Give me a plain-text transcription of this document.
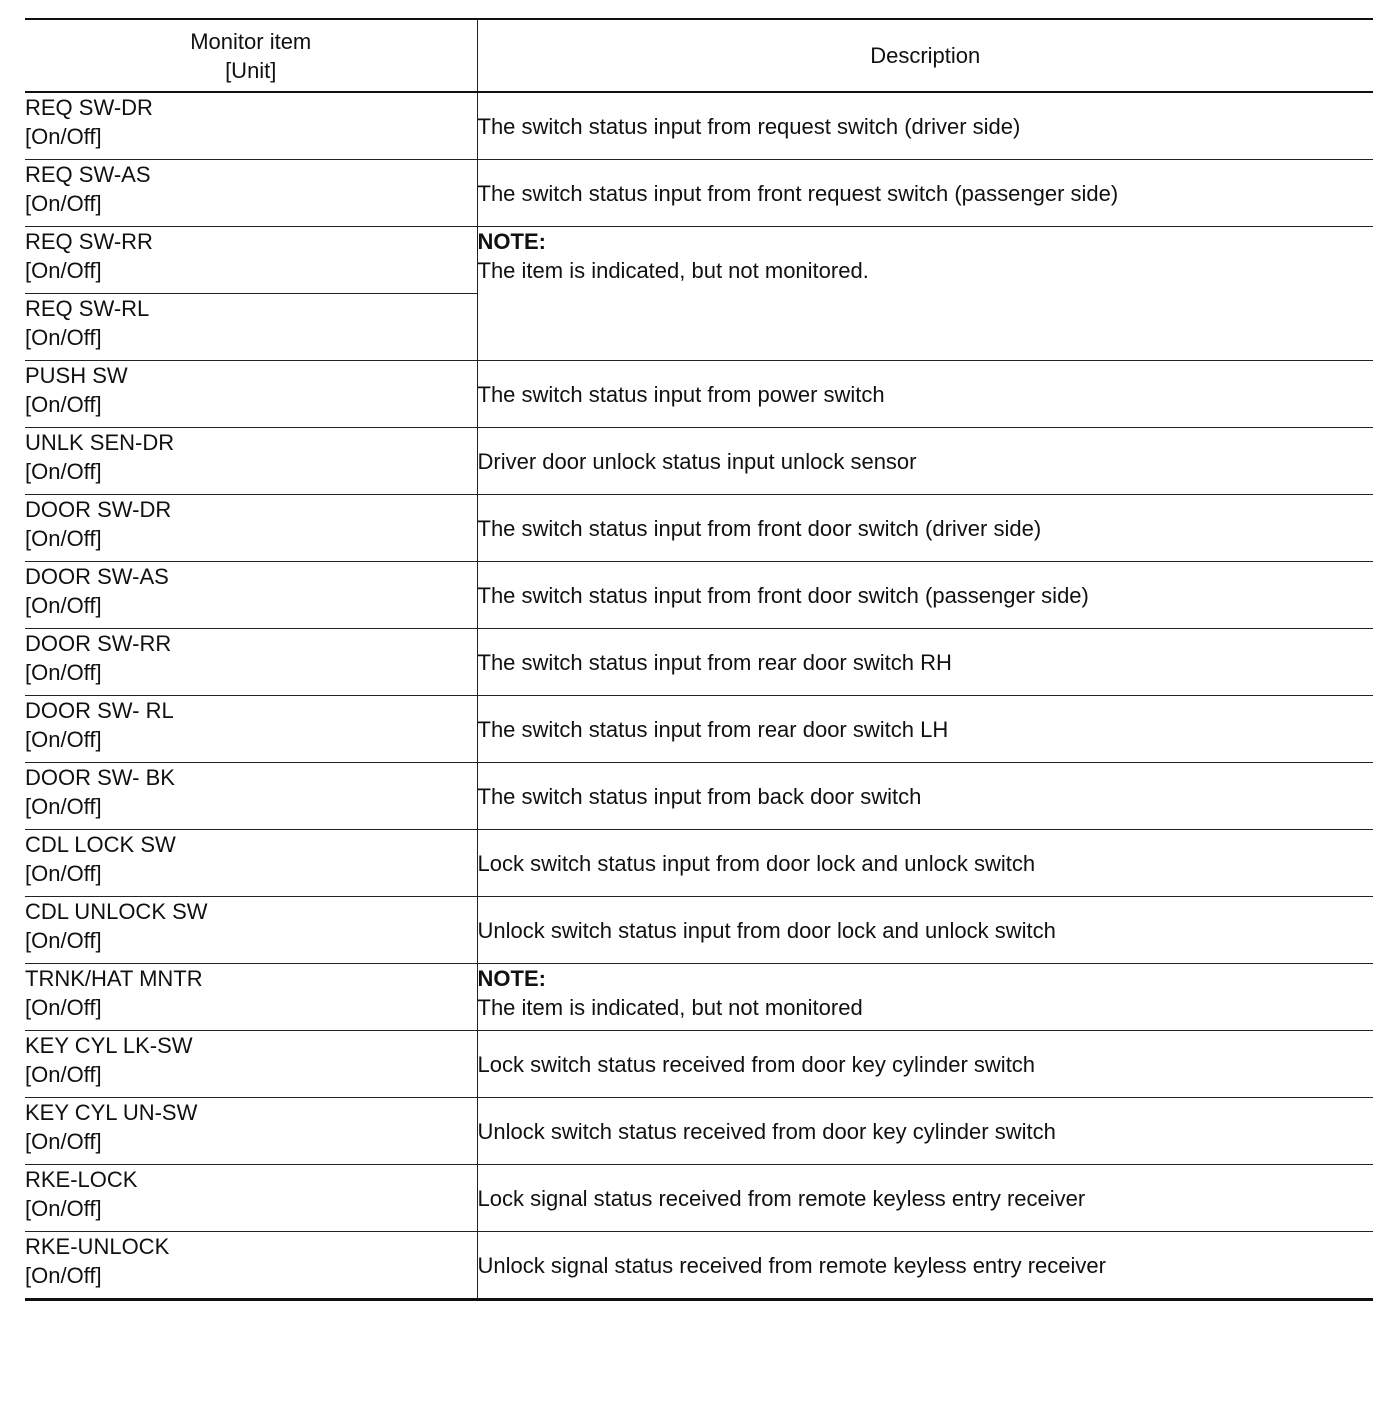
Monitor item
[Unit]	Description

REQ SW-DR
[On/Off]	The switch status input from request switch (driver side)

REQ SW-AS
[On/Off]	The switch status input from front request switch (passenger side)

REQ SW-RR
[On/Off]	NOTE:
The item is indicated, but not monitored.

REQ SW-RL
[On/Off]	

PUSH SW
[On/Off]	The switch status input from power switch

UNLK SEN-DR
[On/Off]	Driver door unlock status input unlock sensor

DOOR SW-DR
[On/Off]	The switch status input from front door switch (driver side)

DOOR SW-AS
[On/Off]	The switch status input from front door switch (passenger side)

DOOR SW-RR
[On/Off]	The switch status input from rear door switch RH

DOOR SW- RL
[On/Off]	The switch status input from rear door switch LH

DOOR SW- BK
[On/Off]	The switch status input from back door switch

CDL LOCK SW
[On/Off]	Lock switch status input from door lock and unlock switch

CDL UNLOCK SW
[On/Off]	Unlock switch status input from door lock and unlock switch

TRNK/HAT MNTR
[On/Off]	NOTE:
The item is indicated, but not monitored

KEY CYL LK-SW
[On/Off]	Lock switch status received from door key cylinder switch

KEY CYL UN-SW
[On/Off]	Unlock switch status received from door key cylinder switch

RKE-LOCK
[On/Off]	Lock signal status received from remote keyless entry receiver

RKE-UNLOCK
[On/Off]	Unlock signal status received from remote keyless entry receiver
